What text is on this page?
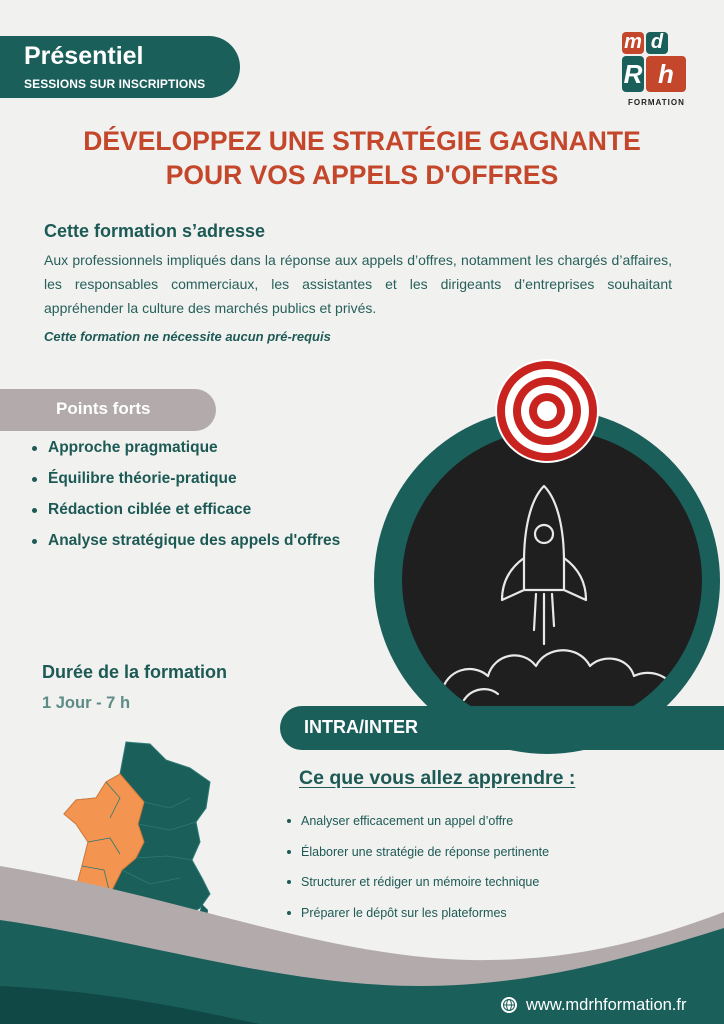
Présentiel
SESSIONS SUR INSCRIPTIONS
m d
R h
FORMATION
DÉVELOPPEZ UNE STRATÉGIE GAGNANTE
POUR VOS APPELS D'OFFRES
Cette formation s’adresse
Aux professionnels impliqués dans la réponse aux appels d’offres, notamment les chargés d’affaires, les responsables commerciaux, les assistantes et les dirigeants d’entreprises souhaitant appréhender la culture des marchés publics et privés.
Cette formation ne nécessite aucun pré-requis
Points forts
Approche pragmatique
Équilibre théorie-pratique
Rédaction ciblée et efficace
Analyse stratégique des appels d'offres
Durée de la formation
1 Jour - 7 h
INTRA/INTER
Ce que vous allez apprendre :
Analyser efficacement un appel d’offre
Élaborer une stratégie de réponse pertinente
Structurer et rédiger un mémoire technique
Préparer le dépôt sur les plateformes
www.mdrhformation.fr
